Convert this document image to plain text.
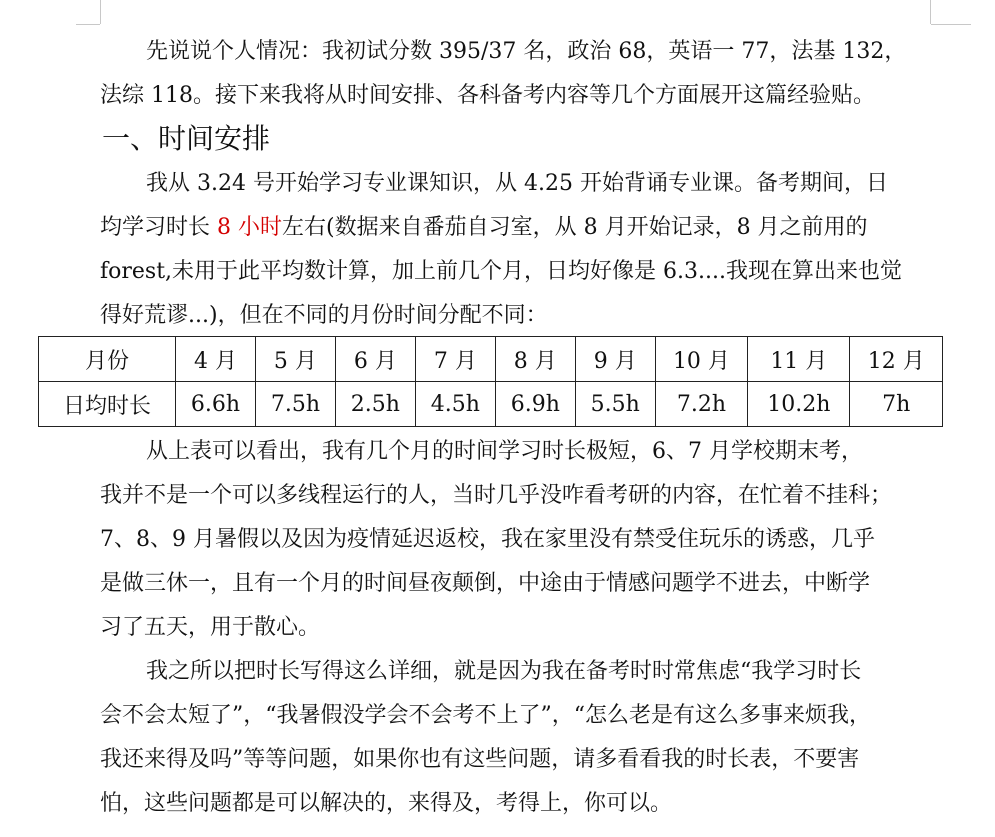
先说说个人情况：我初试分数 395/37 名，政治 68，英语一 77，法基 132，
法综 118。接下来我将从时间安排、各科备考内容等几个方面展开这篇经验贴。
一、时间安排
我从 3.24 号开始学习专业课知识，从 4.25 开始背诵专业课。备考期间，日
均学习时长 8 小时左右(数据来自番茄自习室，从 8 月开始记录，8 月之前用的
forest,未用于此平均数计算，加上前几个月，日均好像是 6.3....我现在算出来也觉
得好荒谬...)，但在不同的月份时间分配不同：
月份	4 月	5 月	6 月	7 月	8 月	9 月	10 月	11 月	12 月
日均时长	6.6h	7.5h	2.5h	4.5h	6.9h	5.5h	7.2h	10.2h	7h
从上表可以看出，我有几个月的时间学习时长极短，6、7 月学校期末考，
我并不是一个可以多线程运行的人，当时几乎没咋看考研的内容，在忙着不挂科；
7、8、9 月暑假以及因为疫情延迟返校，我在家里没有禁受住玩乐的诱惑，几乎
是做三休一，且有一个月的时间昼夜颠倒，中途由于情感问题学不进去，中断学
习了五天，用于散心。
我之所以把时长写得这么详细，就是因为我在备考时时常焦虑“我学习时长
会不会太短了”，“我暑假没学会不会考不上了”，“怎么老是有这么多事来烦我，
我还来得及吗”等等问题，如果你也有这些问题，请多看看我的时长表，不要害
怕，这些问题都是可以解决的，来得及，考得上，你可以。
